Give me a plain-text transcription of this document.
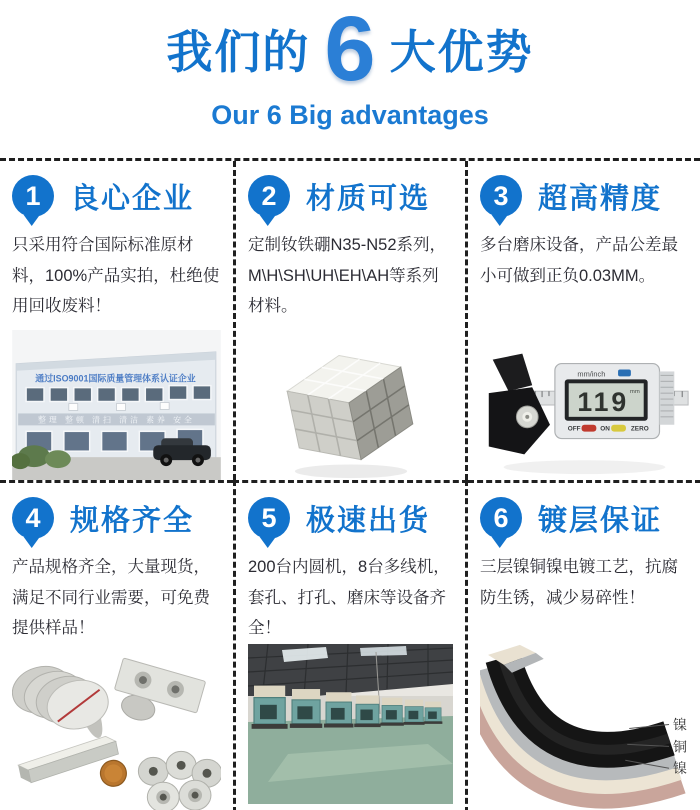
我们的 6 大优势
Our 6 Big advantages
1	良心企业
只采用符合国际标准原材料，100%产品实拍，杜绝使用回收废料！
通过ISO9001国际质量管理体系认证企业
整理 整顿 清扫 清洁 素养 安全
2	材质可选
定制钕铁硼N35-N52系列，M\H\SH\UH\EH\AH等系列材料。
3	超高精度
多台磨床设备，产品公差最小可做到正负0.03MM。
mm/inch
119 mm
OFF	ON	ZERO
4	规格齐全
产品规格齐全，大量现货，满足不同行业需要，可免费提供样品！
5	极速出货
200台内圆机，8台多线机，套孔、打孔、磨床等设备齐全！
6	镀层保证
三层镍铜镍电镀工艺，抗腐防生锈，减少易碎性！
镍
铜
镍
